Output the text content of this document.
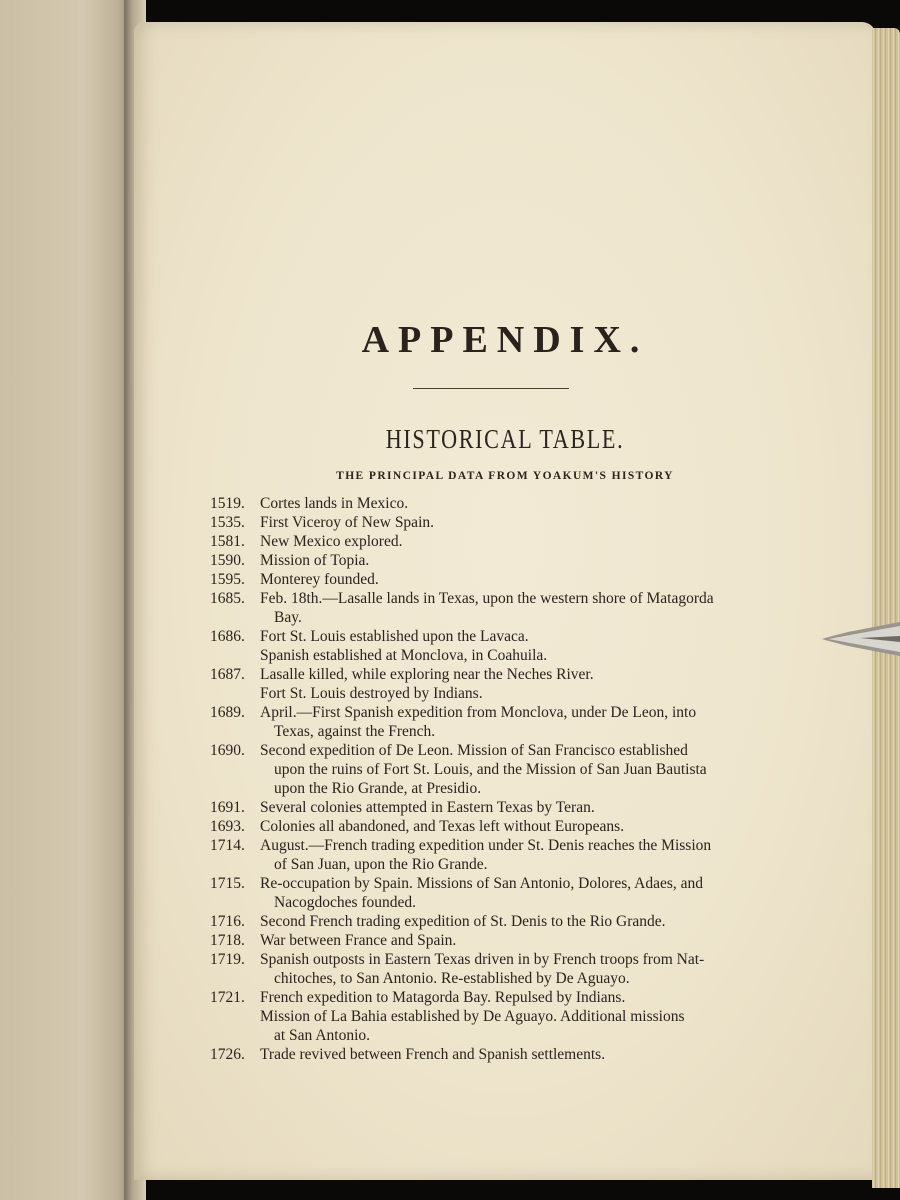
APPENDIX.
HISTORICAL TABLE.

THE PRINCIPAL DATA FROM YOAKUM'S HISTORY

1519. Cortes lands in Mexico.
1535. First Viceroy of New Spain.
1581. New Mexico explored.
1590. Mission of Topia.
1595. Monterey founded.
1685. Feb. 18th.—Lasalle lands in Texas, upon the western shore of Matagorda
Bay.
1686. Fort St. Louis established upon the Lavaca.
Spanish established at Monclova, in Coahuila.
1687. Lasalle killed, while exploring near the Neches River.
Fort St. Louis destroyed by Indians.
1689. April.—First Spanish expedition from Monclova, under De Leon, into
Texas, against the French.
1690. Second expedition of De Leon. Mission of San Francisco established
upon the ruins of Fort St. Louis, and the Mission of San Juan Bautista
upon the Rio Grande, at Presidio.
1691. Several colonies attempted in Eastern Texas by Teran.
1693. Colonies all abandoned, and Texas left without Europeans.
1714. August.—French trading expedition under St. Denis reaches the Mission
of San Juan, upon the Rio Grande.
1715. Re-occupation by Spain. Missions of San Antonio, Dolores, Adaes, and
Nacogdoches founded.
1716. Second French trading expedition of St. Denis to the Rio Grande.
1718. War between France and Spain.
1719. Spanish outposts in Eastern Texas driven in by French troops from Nat-
chitoches, to San Antonio. Re-established by De Aguayo.
1721. French expedition to Matagorda Bay. Repulsed by Indians.
Mission of La Bahia established by De Aguayo. Additional missions
at San Antonio.
1726. Trade revived between French and Spanish settlements.
